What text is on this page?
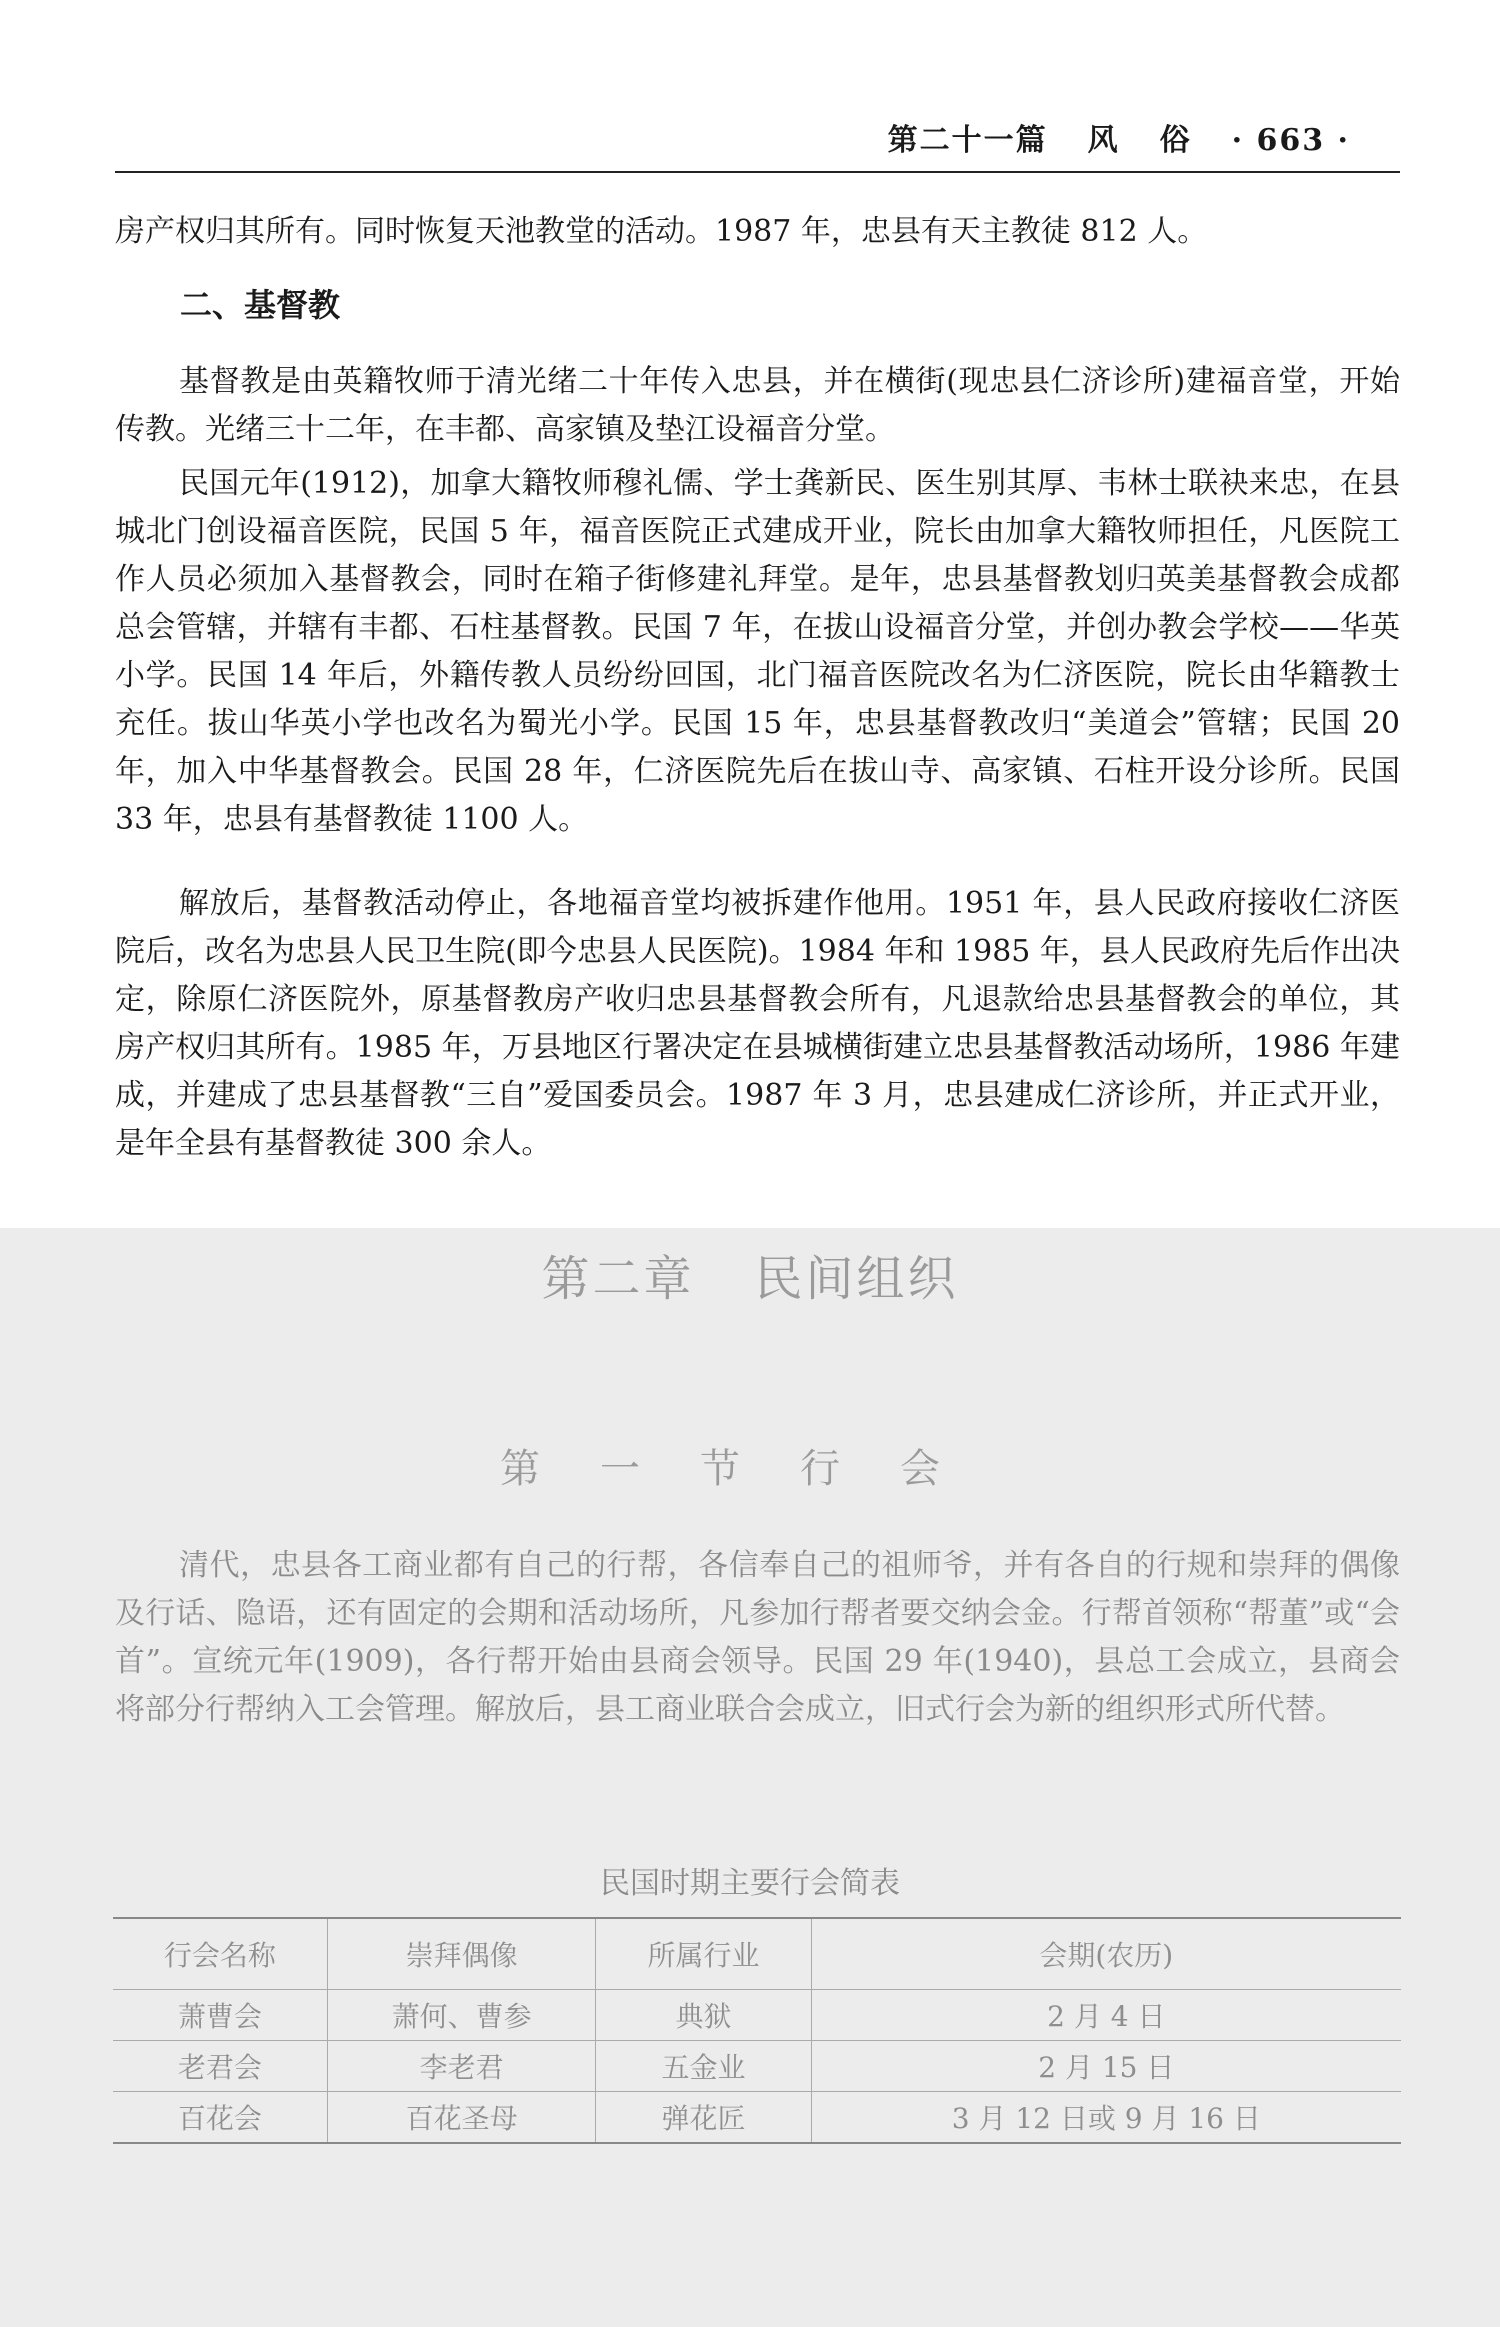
第二十一篇 风 俗 · 663 ·

房产权归其所有。同时恢复天池教堂的活动。1987 年，忠县有天主教徒 812 人。

二、基督教

基督教是由英籍牧师于清光绪二十年传入忠县，并在横街(现忠县仁济诊所)建福音堂，开始传教。光绪三十二年，在丰都、高家镇及垫江设福音分堂。

民国元年(1912)，加拿大籍牧师穆礼儒、学士龚新民、医生别其厚、韦林士联袂来忠，在县城北门创设福音医院，民国 5 年，福音医院正式建成开业，院长由加拿大籍牧师担任，凡医院工作人员必须加入基督教会，同时在箱子街修建礼拜堂。是年，忠县基督教划归英美基督教会成都总会管辖，并辖有丰都、石柱基督教。民国 7 年，在拔山设福音分堂，并创办教会学校——华英小学。民国 14 年后，外籍传教人员纷纷回国，北门福音医院改名为仁济医院，院长由华籍教士充任。拔山华英小学也改名为蜀光小学。民国 15 年，忠县基督教改归“美道会”管辖；民国 20 年，加入中华基督教会。民国 28 年，仁济医院先后在拔山寺、高家镇、石柱开设分诊所。民国 33 年，忠县有基督教徒 1100 人。

解放后，基督教活动停止，各地福音堂均被拆建作他用。1951 年，县人民政府接收仁济医院后，改名为忠县人民卫生院(即今忠县人民医院)。1984 年和 1985 年，县人民政府先后作出决定，除原仁济医院外，原基督教房产收归忠县基督教会所有，凡退款给忠县基督教会的单位，其房产权归其所有。1985 年，万县地区行署决定在县城横街建立忠县基督教活动场所，1986 年建成，并建成了忠县基督教“三自”爱国委员会。1987 年 3 月，忠县建成仁济诊所，并正式开业，是年全县有基督教徒 300 余人。

第二章 民间组织
第一节行会

清代，忠县各工商业都有自己的行帮，各信奉自己的祖师爷，并有各自的行规和崇拜的偶像及行话、隐语，还有固定的会期和活动场所，凡参加行帮者要交纳会金。行帮首领称“帮董”或“会首”。宣统元年(1909)，各行帮开始由县商会领导。民国 29 年(1940)，县总工会成立，县商会将部分行帮纳入工会管理。解放后，县工商业联合会成立，旧式行会为新的组织形式所代替。

民国时期主要行会简表
行会名称	崇拜偶像	所属行业	会期(农历)
萧曹会	萧何、曹参	典狱	2 月 4 日
老君会	李老君	五金业	2 月 15 日
百花会	百花圣母	弹花匠	3 月 12 日或 9 月 16 日
